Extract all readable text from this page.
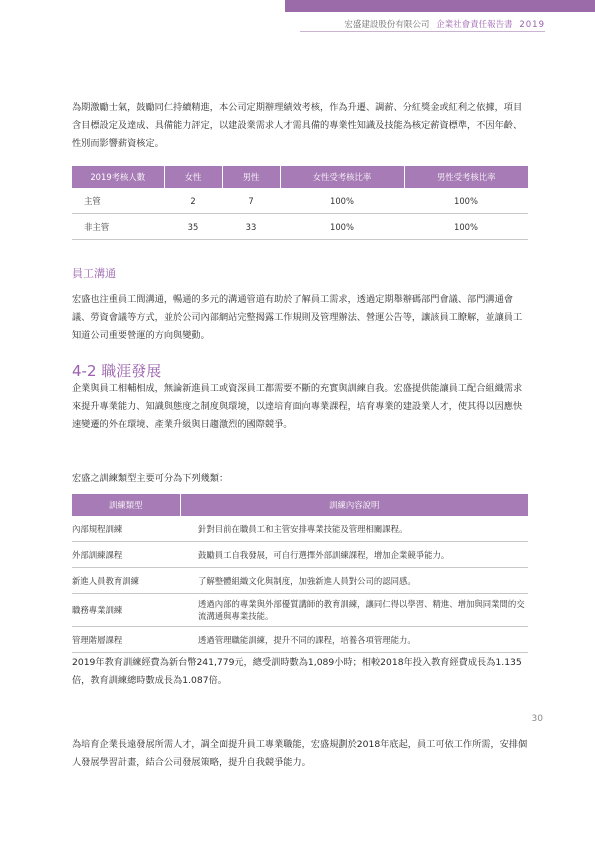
宏盛建設股份有限公司 企業社會責任報告書 2019

為期激勵士氣，鼓勵同仁持續精進，本公司定期辦理績效考核，作為升遷、調薪、分紅獎金或紅利之依據，項目含目標設定及達成、具備能力評定，以建設業需求人才需具備的專業性知識及技能為核定薪資標準，不因年齡、性別而影響薪資核定。

2019考核人數	女性	男性	女性受考核比率	男性受考核比率
主管	2	7	100%	100%
非主管	35	33	100%	100%
員工溝通

宏盛也注重員工間溝通，暢通的多元的溝通管道有助於了解員工需求，透過定期舉辦碼部門會議、部門溝通會議、勞資會議等方式，並於公司內部網站完整揭露工作規則及管理辦法、營運公告等，讓該員工瞭解，並讓員工知道公司重要營運的方向與變動。

4-2 職涯發展

企業與員工相輔相成，無論新進員工或資深員工都需要不斷的充實與訓練自我。宏盛提供能讓員工配合組織需求來提升專業能力、知識與態度之制度與環境，以達培育面向專業課程，培育專業的建設業人才，使其得以因應快速變遷的外在環境、產業升級與日趨激烈的國際競爭。

宏盛之訓練類型主要可分為下列幾類：
訓練類型	訓練內容說明
內部規程訓練	針對目前在職員工和主管安排專業技能及管理相關課程。
外部訓練課程	鼓勵員工自我發展，可自行選擇外部訓練課程，增加企業競爭能力。
新進人員教育訓練	了解整體組織文化與制度，加強新進人員對公司的認同感。
職務專業訓練	透過內部的專業與外部優質講師的教育訓練，讓同仁得以學習、精進、增加與同業間的交流溝通與專業技能。
管理階層課程	透過管理職能訓練，提升不同的課程，培養各項管理能力。

2019年教育訓練經費為新台幣241,779元，總受訓時數為1,089小時；相較2018年投入教育經費成長為1.135倍，教育訓練總時數成長為1.087倍。

為培育企業長遠發展所需人才，調全面提升員工專業職能，宏盛規劃於2018年底起，員工可依工作所需，安排個人發展學習計畫，結合公司發展策略，提升自我競爭能力。

30
